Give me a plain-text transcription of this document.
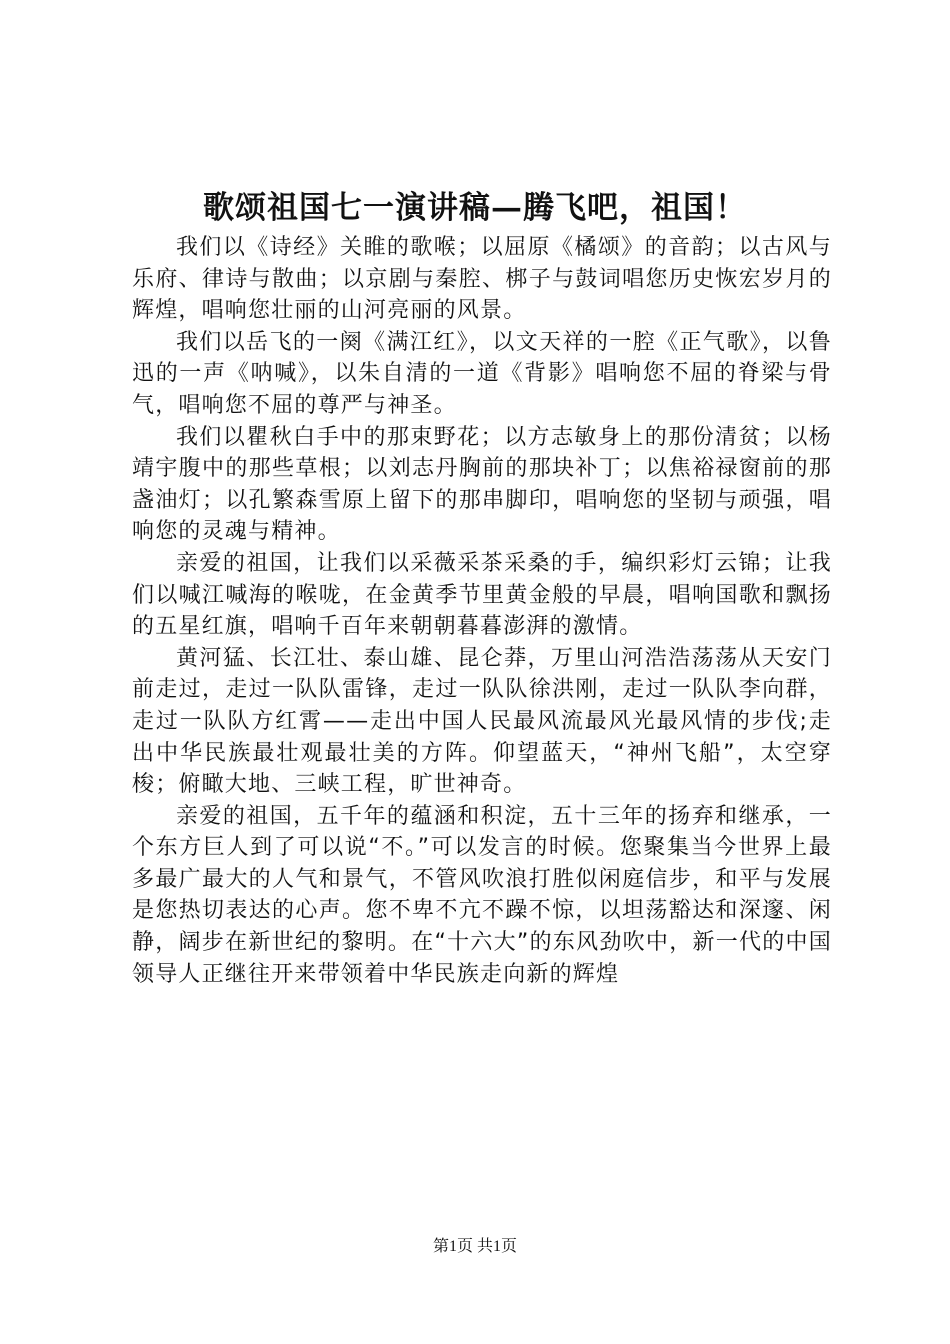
歌颂祖国七一演讲稿—腾飞吧，祖国！

我们以《诗经》关睢的歌喉；以屈原《橘颂》的音韵；以古风与乐府、律诗与散曲；以京剧与秦腔、梆子与鼓词唱您历史恢宏岁月的辉煌，唱响您壮丽的山河亮丽的风景。

我们以岳飞的一阕《满江红》，以文天祥的一腔《正气歌》，以鲁迅的一声《呐喊》，以朱自清的一道《背影》唱响您不屈的脊梁与骨气，唱响您不屈的尊严与神圣。

我们以瞿秋白手中的那束野花；以方志敏身上的那份清贫；以杨靖宇腹中的那些草根；以刘志丹胸前的那块补丁；以焦裕禄窗前的那盏油灯；以孔繁森雪原上留下的那串脚印，唱响您的坚韧与顽强，唱响您的灵魂与精神。

亲爱的祖国，让我们以采薇采茶采桑的手，编织彩灯云锦；让我们以喊江喊海的喉咙，在金黄季节里黄金般的早晨，唱响国歌和飘扬的五星红旗，唱响千百年来朝朝暮暮澎湃的激情。

黄河猛、长江壮、泰山雄、昆仑莽，万里山河浩浩荡荡从天安门前走过，走过一队队雷锋，走过一队队徐洪刚，走过一队队李向群，走过一队队方红霄——走出中国人民最风流最风光最风情的步伐;走出中华民族最壮观最壮美的方阵。仰望蓝天，“神州飞船”，太空穿梭；俯瞰大地、三峡工程，旷世神奇。

亲爱的祖国，五千年的蕴涵和积淀，五十三年的扬弃和继承，一个东方巨人到了可以说“不。”可以发言的时候。您聚集当今世界上最多最广最大的人气和景气，不管风吹浪打胜似闲庭信步，和平与发展是您热切表达的心声。您不卑不亢不躁不惊，以坦荡豁达和深邃、闲静，阔步在新世纪的黎明。在“十六大”的东风劲吹中，新一代的中国领导人正继往开来带领着中华民族走向新的辉煌

第1页 共1页
